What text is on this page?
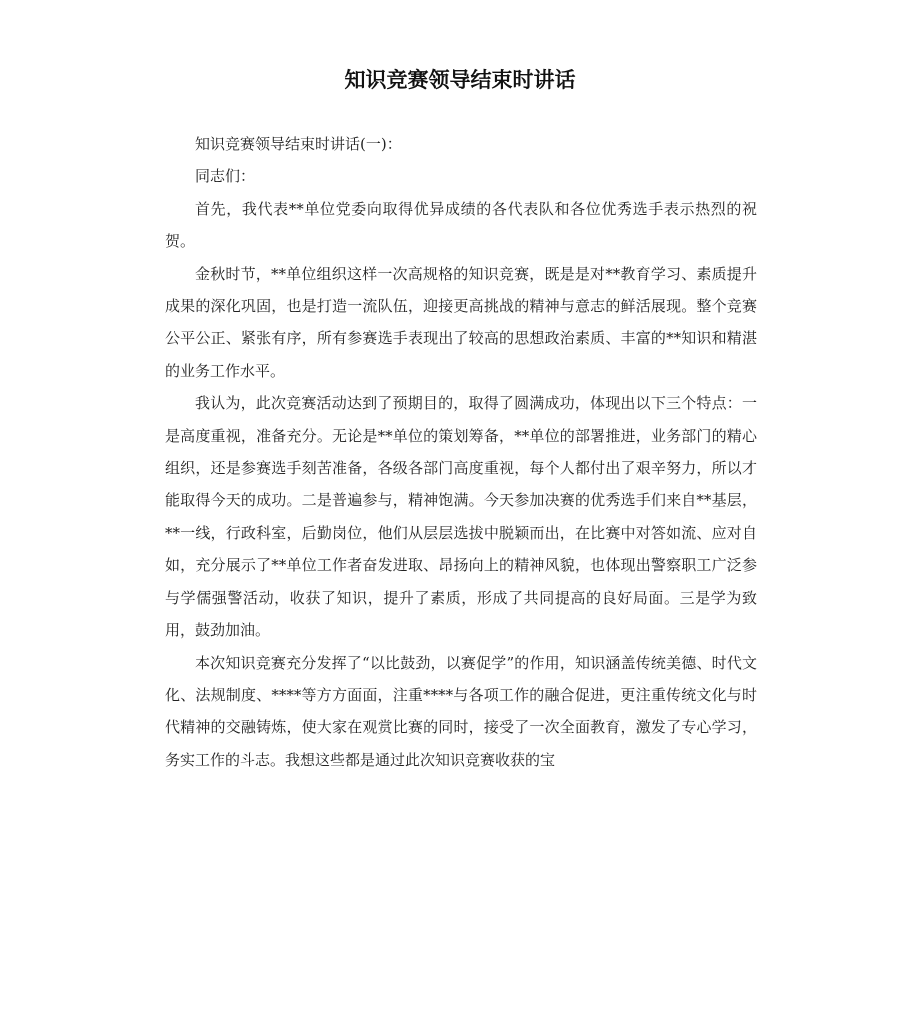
知识竞赛领导结束时讲话

知识竞赛领导结束时讲话(一)：

同志们：

首先，我代表**单位党委向取得优异成绩的各代表队和各位优秀选手表示热烈的祝贺。

金秋时节，**单位组织这样一次高规格的知识竞赛，既是是对**教育学习、素质提升成果的深化巩固，也是打造一流队伍，迎接更高挑战的精神与意志的鲜活展现。整个竞赛公平公正、紧张有序，所有参赛选手表现出了较高的思想政治素质、丰富的**知识和精湛的业务工作水平。

我认为，此次竞赛活动达到了预期目的，取得了圆满成功，体现出以下三个特点：一是高度重视，准备充分。无论是**单位的策划筹备，**单位的部署推进，业务部门的精心组织，还是参赛选手刻苦准备，各级各部门高度重视，每个人都付出了艰辛努力，所以才能取得今天的成功。二是普遍参与，精神饱满。今天参加决赛的优秀选手们来自**基层，**一线，行政科室，后勤岗位，他们从层层选拔中脱颖而出，在比赛中对答如流、应对自如，充分展示了**单位工作者奋发进取、昂扬向上的精神风貌，也体现出警察职工广泛参与学儒强警活动，收获了知识，提升了素质，形成了共同提高的良好局面。三是学为致用，鼓劲加油。

本次知识竞赛充分发挥了“以比鼓劲，以赛促学”的作用，知识涵盖传统美德、时代文化、法规制度、****等方方面面，注重****与各项工作的融合促进，更注重传统文化与时代精神的交融铸炼，使大家在观赏比赛的同时，接受了一次全面教育，激发了专心学习，务实工作的斗志。我想这些都是通过此次知识竞赛收获的宝
